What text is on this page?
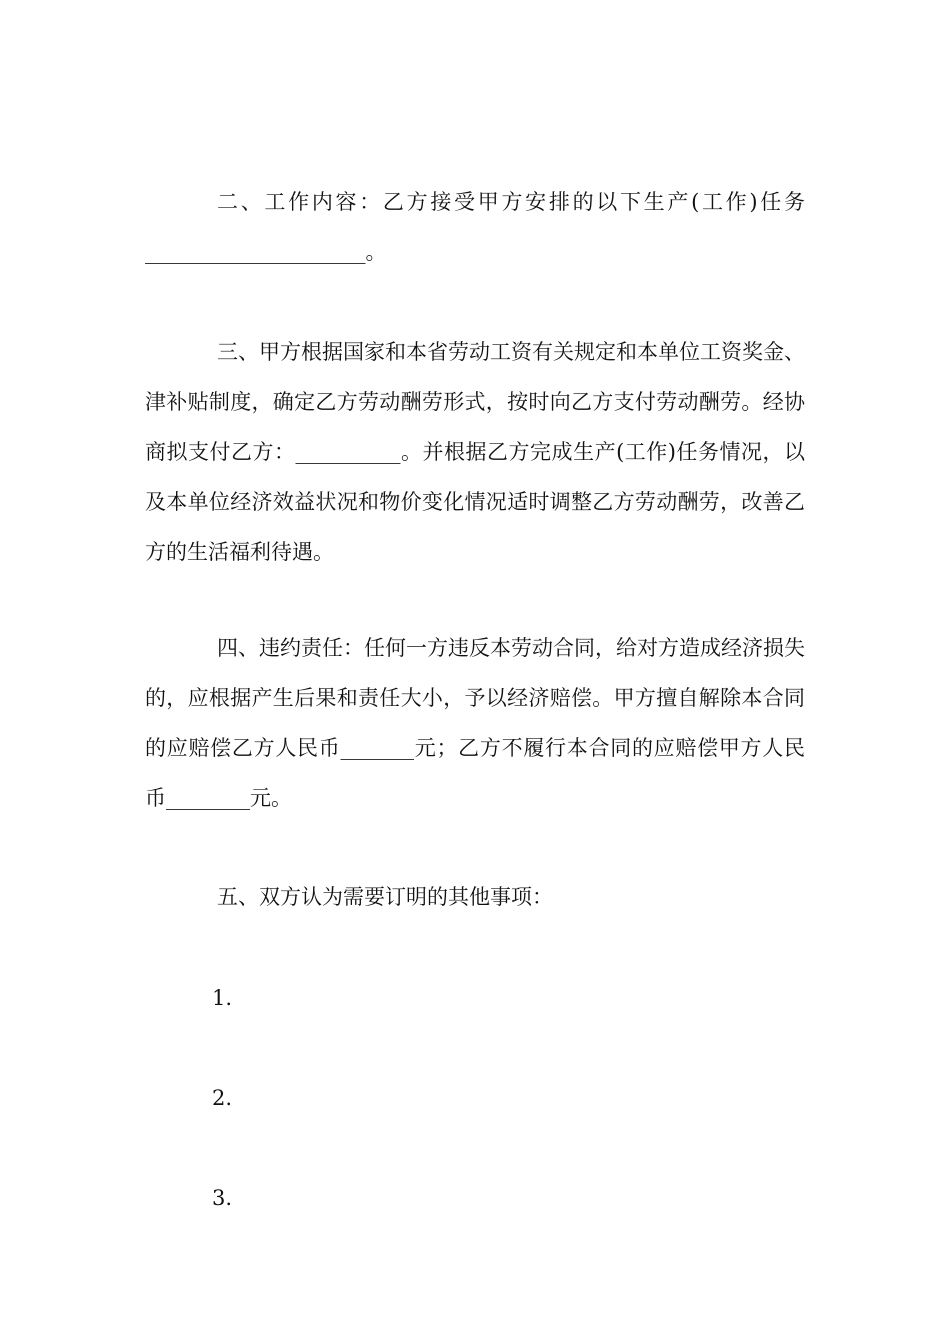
二、工作内容：乙方接受甲方安排的以下生产(工作)任务_____________________。

三、甲方根据国家和本省劳动工资有关规定和本单位工资奖金、津补贴制度，确定乙方劳动酬劳形式，按时向乙方支付劳动酬劳。经协商拟支付乙方：__________。并根据乙方完成生产(工作)任务情况，以及本单位经济效益状况和物价变化情况适时调整乙方劳动酬劳，改善乙方的生活福利待遇。

四、违约责任：任何一方违反本劳动合同，给对方造成经济损失的，应根据产生后果和责任大小，予以经济赔偿。甲方擅自解除本合同的应赔偿乙方人民币_______元；乙方不履行本合同的应赔偿甲方人民币________元。

五、双方认为需要订明的其他事项：

1.

2.

3.
